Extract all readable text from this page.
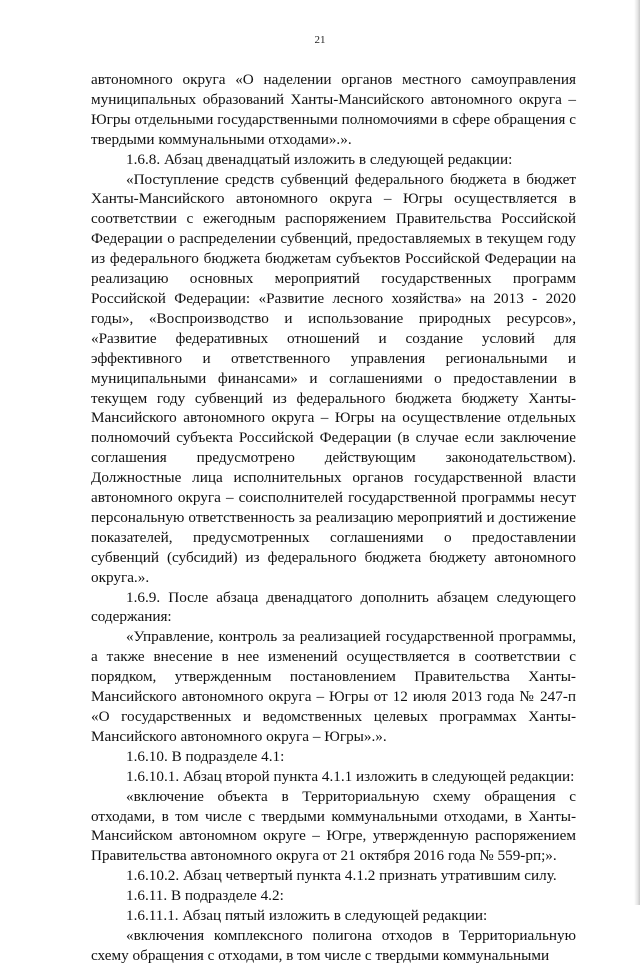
21

автономного округа «О наделении органов местного самоуправления муниципальных образований Ханты-Мансийского автономного округа – Югры отдельными государственными полномочиями в сфере обращения с твердыми коммунальными отходами».».

1.6.8. Абзац двенадцатый изложить в следующей редакции:

«Поступление средств субвенций федерального бюджета в бюджет Ханты-Мансийского автономного округа – Югры осуществляется в соответствии с ежегодным распоряжением Правительства Российской Федерации о распределении субвенций, предоставляемых в текущем году из федерального бюджета бюджетам субъектов Российской Федерации на реализацию основных мероприятий государственных программ Российской Федерации: «Развитие лесного хозяйства» на 2013 - 2020 годы», «Воспроизводство и использование природных ресурсов», «Развитие федеративных отношений и создание условий для эффективного и ответственного управления региональными и муниципальными финансами» и соглашениями о предоставлении в текущем году субвенций из федерального бюджета бюджету Ханты-Мансийского автономного округа – Югры на осуществление отдельных полномочий субъекта Российской Федерации (в случае если заключение соглашения предусмотрено действующим законодательством). Должностные лица исполнительных органов государственной власти автономного округа – соисполнителей государственной программы несут персональную ответственность за реализацию мероприятий и достижение показателей, предусмотренных соглашениями о предоставлении субвенций (субсидий) из федерального бюджета бюджету автономного округа.».

1.6.9. После абзаца двенадцатого дополнить абзацем следующего содержания:

«Управление, контроль за реализацией государственной программы, а также внесение в нее изменений осуществляется в соответствии с порядком, утвержденным постановлением Правительства Ханты-Мансийского автономного округа – Югры от 12 июля 2013 года № 247-п «О государственных и ведомственных целевых программах Ханты-Мансийского автономного округа – Югры».».

1.6.10. В подразделе 4.1:

1.6.10.1. Абзац второй пункта 4.1.1 изложить в следующей редакции:

«включение объекта в Территориальную схему обращения с отходами, в том числе с твердыми коммунальными отходами, в Ханты-Мансийском автономном округе – Югре, утвержденную распоряжением Правительства автономного округа от 21 октября 2016 года № 559-рп;».

1.6.10.2. Абзац четвертый пункта 4.1.2 признать утратившим силу.

1.6.11. В подразделе 4.2:

1.6.11.1. Абзац пятый изложить в следующей редакции:

«включения комплексного полигона отходов в Территориальную схему обращения с отходами, в том числе с твердыми коммунальными
